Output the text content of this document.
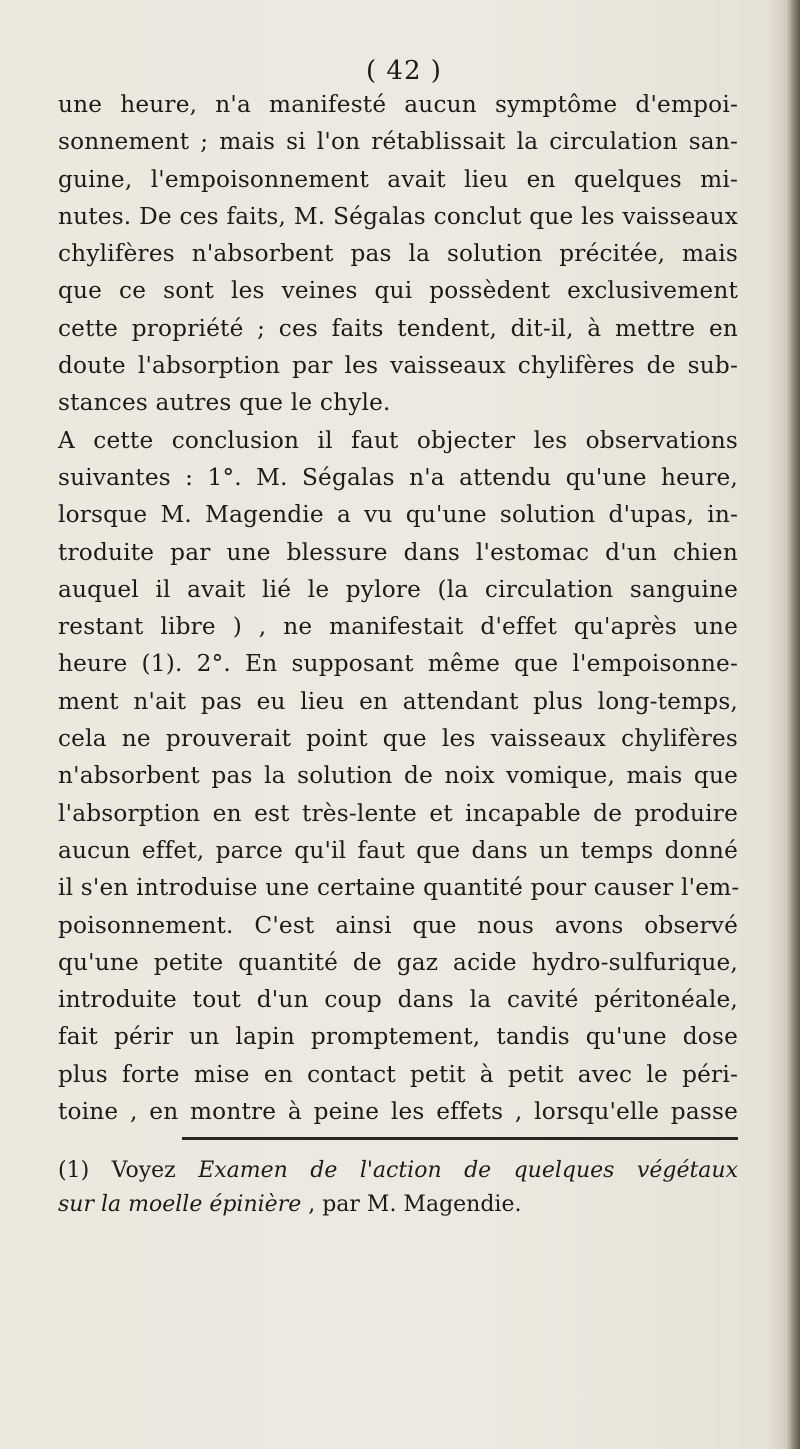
( 42 )
une heure, n'a manifesté aucun symptôme d'empoi-
sonnement ; mais si l'on rétablissait la circulation san-
guine, l'empoisonnement avait lieu en quelques mi-
nutes. De ces faits, M. Ségalas conclut que les vaisseaux
chylifères n'absorbent pas la solution précitée, mais
que ce sont les veines qui possèdent exclusivement
cette propriété ; ces faits tendent, dit-il, à mettre en
doute l'absorption par les vaisseaux chylifères de sub-
stances autres que le chyle.
A cette conclusion il faut objecter les observations
suivantes : 1°. M. Ségalas n'a attendu qu'une heure,
lorsque M. Magendie a vu qu'une solution d'upas, in-
troduite par une blessure dans l'estomac d'un chien
auquel il avait lié le pylore (la circulation sanguine
restant libre ) , ne manifestait d'effet qu'après une
heure (1). 2°. En supposant même que l'empoisonne-
ment n'ait pas eu lieu en attendant plus long-temps,
cela ne prouverait point que les vaisseaux chylifères
n'absorbent pas la solution de noix vomique, mais que
l'absorption en est très-lente et incapable de produire
aucun effet, parce qu'il faut que dans un temps donné
il s'en introduise une certaine quantité pour causer l'em-
poisonnement. C'est ainsi que nous avons observé
qu'une petite quantité de gaz acide hydro-sulfurique,
introduite tout d'un coup dans la cavité péritonéale,
fait périr un lapin promptement, tandis qu'une dose
plus forte mise en contact petit à petit avec le péri-
toine , en montre à peine les effets , lorsqu'elle passe
(1) Voyez Examen de l'action de quelques végétaux
sur la moelle épinière , par M. Magendie.
